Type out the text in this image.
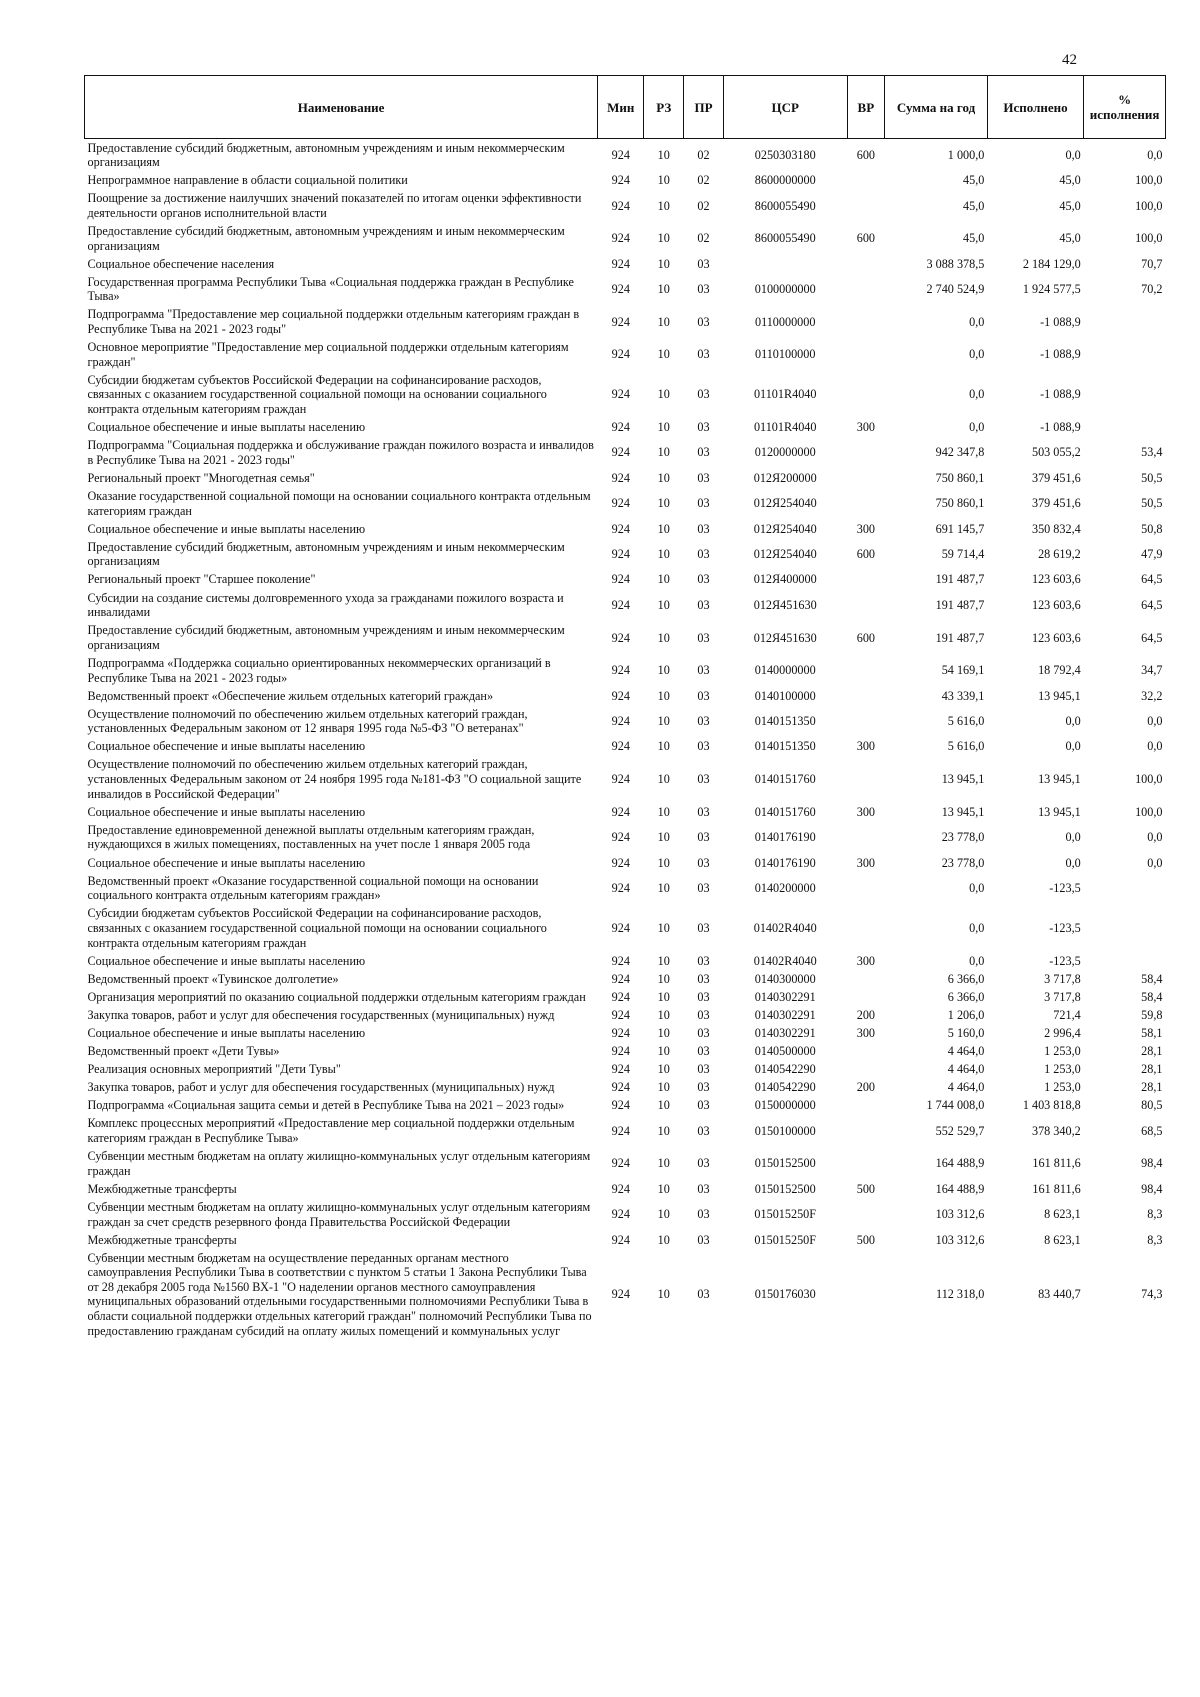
42
Наименование	Мин	РЗ	ПР	ЦСР	ВР	Сумма на год	Исполнено	% исполнения
Предоставление субсидий бюджетным, автономным учреждениям и иным некоммерческим организациям	924	10	02	0250303180	600	1 000,0	0,0	0,0
Непрограммное направление в области социальной политики	924	10	02	8600000000		45,0	45,0	100,0
Поощрение за достижение наилучших значений показателей по итогам оценки эффективности деятельности органов исполнительной власти	924	10	02	8600055490		45,0	45,0	100,0
Предоставление субсидий бюджетным, автономным учреждениям и иным некоммерческим организациям	924	10	02	8600055490	600	45,0	45,0	100,0
Социальное обеспечение населения	924	10	03			3 088 378,5	2 184 129,0	70,7
Государственная программа Республики Тыва «Социальная поддержка граждан в Республике Тыва»	924	10	03	0100000000		2 740 524,9	1 924 577,5	70,2
Подпрограмма "Предоставление мер социальной поддержки отдельным категориям граждан в Республике Тыва на 2021 - 2023 годы"	924	10	03	0110000000		0,0	-1 088,9	
Основное мероприятие "Предоставление мер социальной поддержки отдельным категориям граждан"	924	10	03	0110100000		0,0	-1 088,9	
Субсидии бюджетам субъектов Российской Федерации на софинансирование расходов, связанных с оказанием государственной социальной помощи на основании социального контракта отдельным категориям граждан	924	10	03	01101R4040		0,0	-1 088,9	
Социальное обеспечение и иные выплаты населению	924	10	03	01101R4040	300	0,0	-1 088,9	
Подпрограмма "Социальная поддержка и обслуживание граждан пожилого возраста и инвалидов в Республике Тыва на 2021 - 2023 годы"	924	10	03	0120000000		942 347,8	503 055,2	53,4
Региональный проект "Многодетная семья"	924	10	03	012Я200000		750 860,1	379 451,6	50,5
Оказание государственной социальной помощи на основании социального контракта отдельным категориям граждан	924	10	03	012Я254040		750 860,1	379 451,6	50,5
Социальное обеспечение и иные выплаты населению	924	10	03	012Я254040	300	691 145,7	350 832,4	50,8
Предоставление субсидий бюджетным, автономным учреждениям и иным некоммерческим организациям	924	10	03	012Я254040	600	59 714,4	28 619,2	47,9
Региональный проект "Старшее поколение"	924	10	03	012Я400000		191 487,7	123 603,6	64,5
Субсидии на создание системы долговременного ухода за гражданами пожилого возраста и инвалидами	924	10	03	012Я451630		191 487,7	123 603,6	64,5
Предоставление субсидий бюджетным, автономным учреждениям и иным некоммерческим организациям	924	10	03	012Я451630	600	191 487,7	123 603,6	64,5
Подпрограмма «Поддержка социально ориентированных некоммерческих организаций в Республике Тыва на 2021 - 2023 годы»	924	10	03	0140000000		54 169,1	18 792,4	34,7
Ведомственный проект «Обеспечение жильем отдельных категорий граждан»	924	10	03	0140100000		43 339,1	13 945,1	32,2
Осуществление полномочий по обеспечению жильем отдельных категорий граждан, установленных Федеральным законом от 12 января 1995 года №5-ФЗ "О ветеранах"	924	10	03	0140151350		5 616,0	0,0	0,0
Социальное обеспечение и иные выплаты населению	924	10	03	0140151350	300	5 616,0	0,0	0,0
Осуществление полномочий по обеспечению жильем отдельных категорий граждан, установленных Федеральным законом от 24 ноября 1995 года №181-ФЗ "О социальной защите инвалидов в Российской Федерации"	924	10	03	0140151760		13 945,1	13 945,1	100,0
Социальное обеспечение и иные выплаты населению	924	10	03	0140151760	300	13 945,1	13 945,1	100,0
Предоставление единовременной денежной выплаты отдельным категориям граждан, нуждающихся в жилых помещениях, поставленных на учет после 1 января 2005 года	924	10	03	0140176190		23 778,0	0,0	0,0
Социальное обеспечение и иные выплаты населению	924	10	03	0140176190	300	23 778,0	0,0	0,0
Ведомственный проект «Оказание государственной социальной помощи на основании социального контракта отдельным категориям граждан»	924	10	03	0140200000		0,0	-123,5	
Субсидии бюджетам субъектов Российской Федерации на софинансирование расходов, связанных с оказанием государственной социальной помощи на основании социального контракта отдельным категориям граждан	924	10	03	01402R4040		0,0	-123,5	
Социальное обеспечение и иные выплаты населению	924	10	03	01402R4040	300	0,0	-123,5	
Ведомственный проект «Тувинское долголетие»	924	10	03	0140300000		6 366,0	3 717,8	58,4
Организация мероприятий по оказанию социальной поддержки отдельным категориям граждан	924	10	03	0140302291		6 366,0	3 717,8	58,4
Закупка товаров, работ и услуг для обеспечения государственных (муниципальных) нужд	924	10	03	0140302291	200	1 206,0	721,4	59,8
Социальное обеспечение и иные выплаты населению	924	10	03	0140302291	300	5 160,0	2 996,4	58,1
Ведомственный проект «Дети Тувы»	924	10	03	0140500000		4 464,0	1 253,0	28,1
Реализация основных мероприятий "Дети Тувы"	924	10	03	0140542290		4 464,0	1 253,0	28,1
Закупка товаров, работ и услуг для обеспечения государственных (муниципальных) нужд	924	10	03	0140542290	200	4 464,0	1 253,0	28,1
Подпрограмма «Социальная защита семьи и детей в Республике Тыва на 2021 – 2023 годы»	924	10	03	0150000000		1 744 008,0	1 403 818,8	80,5
Комплекс процессных мероприятий «Предоставление мер социальной поддержки отдельным категориям граждан в Республике Тыва»	924	10	03	0150100000		552 529,7	378 340,2	68,5
Субвенции местным бюджетам на оплату жилищно-коммунальных услуг отдельным категориям граждан	924	10	03	0150152500		164 488,9	161 811,6	98,4
Межбюджетные трансферты	924	10	03	0150152500	500	164 488,9	161 811,6	98,4
Субвенции местным бюджетам на оплату жилищно-коммунальных услуг отдельным категориям граждан за счет средств резервного фонда Правительства Российской Федерации	924	10	03	015015250F		103 312,6	8 623,1	8,3
Межбюджетные трансферты	924	10	03	015015250F	500	103 312,6	8 623,1	8,3
Субвенции местным бюджетам на осуществление переданных органам местного самоуправления Республики Тыва в соответствии с пунктом 5 статьи 1 Закона Республики Тыва от 28 декабря 2005 года №1560 ВХ-1 "О наделении органов местного самоуправления муниципальных образований отдельными государственными полномочиями Республики Тыва в области социальной поддержки отдельных категорий граждан" полномочий Республики Тыва по предоставлению гражданам субсидий на оплату жилых помещений и коммунальных услуг	924	10	03	0150176030		112 318,0	83 440,7	74,3
